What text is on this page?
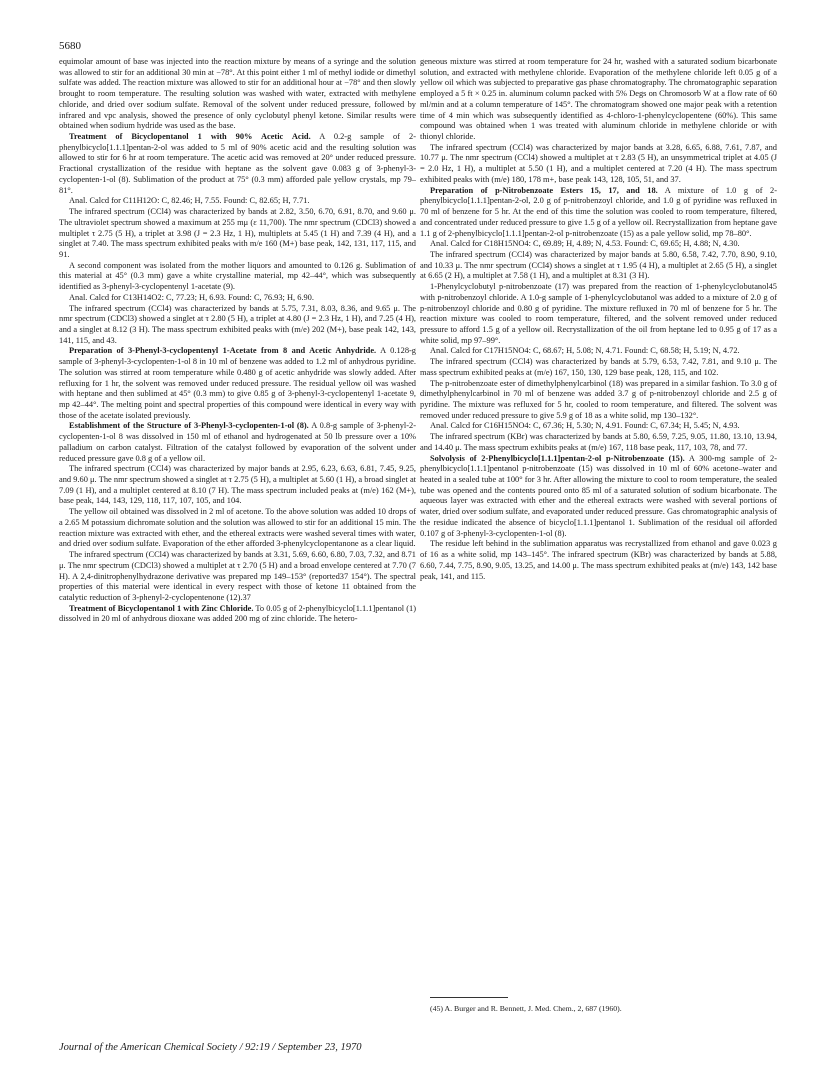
5680

equimolar amount of base was injected into the reaction mixture by means of a syringe and the solution was allowed to stir for an additional 30 min at −78°. At this point either 1 ml of methyl iodide or dimethyl sulfate was added. The reaction mixture was allowed to stir for an additional hour at −78° and then slowly brought to room temperature. The resulting solution was washed with water, extracted with methylene chloride, and dried over sodium sulfate. Removal of the solvent under reduced pressure, followed by infrared and vpc analysis, showed the presence of only cyclobutyl phenyl ketone. Similar results were obtained when sodium hydride was used as the base.

Treatment of Bicyclopentanol 1 with 90% Acetic Acid. A 0.2-g sample of 2-phenylbicyclo[1.1.1]pentan-2-ol was added to 5 ml of 90% acetic acid and the resulting solution was allowed to stir for 6 hr at room temperature. The acetic acid was removed at 20° under reduced pressure. Fractional crystallization of the residue with heptane as the solvent gave 0.083 g of 3-phenyl-3-cyclopenten-1-ol (8). Sublimation of the product at 75° (0.3 mm) afforded pale yellow crystals, mp 79–81°.

Anal. Calcd for C11H12O: C, 82.46; H, 7.55. Found: C, 82.65; H, 7.71.

The infrared spectrum (CCl4) was characterized by bands at 2.82, 3.50, 6.70, 6.91, 8.70, and 9.60 μ. The ultraviolet spectrum showed a maximum at 255 mμ (ε 11,700). The nmr spectrum (CDCl3) showed a multiplet τ 2.75 (5 H), a triplet at 3.98 (J = 2.3 Hz, 1 H), multiplets at 5.45 (1 H) and 7.39 (4 H), and a singlet at 7.40. The mass spectrum exhibited peaks with m/e 160 (M+) base peak, 142, 131, 117, 115, and 91.

A second component was isolated from the mother liquors and amounted to 0.126 g. Sublimation of this material at 45° (0.3 mm) gave a white crystalline material, mp 42–44°, which was subsequently identified as 3-phenyl-3-cyclopentenyl 1-acetate (9).

Anal. Calcd for C13H14O2: C, 77.23; H, 6.93. Found: C, 76.93; H, 6.90.

The infrared spectrum (CCl4) was characterized by bands at 5.75, 7.31, 8.03, 8.36, and 9.65 μ. The nmr spectrum (CDCl3) showed a singlet at τ 2.80 (5 H), a triplet at 4.80 (J = 2.3 Hz, 1 H), and 7.25 (4 H), and a singlet at 8.12 (3 H). The mass spectrum exhibited peaks with (m/e) 202 (M+), base peak 142, 143, 141, 115, and 43.

Preparation of 3-Phenyl-3-cyclopentenyl 1-Acetate from 8 and Acetic Anhydride. A 0.128-g sample of 3-phenyl-3-cyclopenten-1-ol 8 in 10 ml of benzene was added to 1.2 ml of anhydrous pyridine. The solution was stirred at room temperature while 0.480 g of acetic anhydride was slowly added. After refluxing for 1 hr, the solvent was removed under reduced pressure. The residual yellow oil was washed with heptane and then sublimed at 45° (0.3 mm) to give 0.85 g of 3-phenyl-3-cyclopentenyl 1-acetate 9, mp 42–44°. The melting point and spectral properties of this compound were identical in every way with those of the acetate isolated previously.

Establishment of the Structure of 3-Phenyl-3-cyclopenten-1-ol (8). A 0.8-g sample of 3-phenyl-2-cyclopenten-1-ol 8 was dissolved in 150 ml of ethanol and hydrogenated at 50 lb pressure over a 10% palladium on carbon catalyst. Filtration of the catalyst followed by evaporation of the solvent under reduced pressure gave 0.8 g of a yellow oil.

The infrared spectrum (CCl4) was characterized by major bands at 2.95, 6.23, 6.63, 6.81, 7.45, 9.25, and 9.60 μ. The nmr spectrum showed a singlet at τ 2.75 (5 H), a multiplet at 5.60 (1 H), a broad singlet at 7.09 (1 H), and a multiplet centered at 8.10 (7 H). The mass spectrum included peaks at (m/e) 162 (M+), base peak, 144, 143, 129, 118, 117, 107, 105, and 104.

The yellow oil obtained was dissolved in 2 ml of acetone. To the above solution was added 10 drops of a 2.65 M potassium dichromate solution and the solution was allowed to stir for an additional 15 min. The reaction mixture was extracted with ether, and the ethereal extracts were washed several times with water, and dried over sodium sulfate. Evaporation of the ether afforded 3-phenylcyclopentanone as a clear liquid.

The infrared spectrum (CCl4) was characterized by bands at 3.31, 5.69, 6.60, 6.80, 7.03, 7.32, and 8.71 μ. The nmr spectrum (CDCl3) showed a multiplet at τ 2.70 (5 H) and a broad envelope centered at 7.70 (7 H). A 2,4-dinitrophenylhydrazone derivative was prepared mp 149–153° (reported37 154°). The spectral properties of this material were identical in every respect with those of ketone 11 obtained from the catalytic reduction of 3-phenyl-2-cyclopentenone (12).37

Treatment of Bicyclopentanol 1 with Zinc Chloride. To 0.05 g of 2-phenylbicyclo[1.1.1]pentanol (1) dissolved in 20 ml of anhydrous dioxane was added 200 mg of zinc chloride. The hetero-

geneous mixture was stirred at room temperature for 24 hr, washed with a saturated sodium bicarbonate solution, and extracted with methylene chloride. Evaporation of the methylene chloride left 0.05 g of a yellow oil which was subjected to preparative gas phase chromatography. The chromatographic separation employed a 5 ft × 0.25 in. aluminum column packed with 5% Degs on Chromosorb W at a flow rate of 60 ml/min and at a column temperature of 145°. The chromatogram showed one major peak with a retention time of 4 min which was subsequently identified as 4-chloro-1-phenylcyclopentene (60%). This same compound was obtained when 1 was treated with aluminum chloride in methylene chloride or with thionyl chloride.

The infrared spectrum (CCl4) was characterized by major bands at 3.28, 6.65, 6.88, 7.61, 7.87, and 10.77 μ. The nmr spectrum (CCl4) showed a multiplet at τ 2.83 (5 H), an unsymmetrical triplet at 4.05 (J = 2.0 Hz, 1 H), a multiplet at 5.50 (1 H), and a multiplet centered at 7.20 (4 H). The mass spectrum exhibited peaks with (m/e) 180, 178 m+, base peak 143, 128, 105, 51, and 37.

Preparation of p-Nitrobenzoate Esters 15, 17, and 18. A mixture of 1.0 g of 2-phenylbicyclo[1.1.1]pentan-2-ol, 2.0 g of p-nitrobenzoyl chloride, and 1.0 g of pyridine was refluxed in 70 ml of benzene for 5 hr. At the end of this time the solution was cooled to room temperature, filtered, and concentrated under reduced pressure to give 1.5 g of a yellow oil. Recrystallization from heptane gave 1.1 g of 2-phenylbicyclo[1.1.1]pentan-2-ol p-nitrobenzoate (15) as a pale yellow solid, mp 78–80°.

Anal. Calcd for C18H15NO4: C, 69.89; H, 4.89; N, 4.53. Found: C, 69.65; H, 4.88; N, 4.30.

The infrared spectrum (CCl4) was characterized by major bands at 5.80, 6.58, 7.42, 7.70, 8.90, 9.10, and 10.33 μ. The nmr spectrum (CCl4) shows a singlet at τ 1.95 (4 H), a multiplet at 2.65 (5 H), a singlet at 6.65 (2 H), a multiplet at 7.58 (1 H), and a multiplet at 8.31 (3 H).

1-Phenylcyclobutyl p-nitrobenzoate (17) was prepared from the reaction of 1-phenylcyclobutanol45 with p-nitrobenzoyl chloride. A 1.0-g sample of 1-phenylcyclobutanol was added to a mixture of 2.0 g of p-nitrobenzoyl chloride and 0.80 g of pyridine. The mixture refluxed in 70 ml of benzene for 5 hr. The reaction mixture was cooled to room temperature, filtered, and the solvent removed under reduced pressure to afford 1.5 g of a yellow oil. Recrystallization of the oil from heptane led to 0.95 g of 17 as a white solid, mp 97–99°.

Anal. Calcd for C17H15NO4: C, 68.67; H, 5.08; N, 4.71. Found: C, 68.58; H, 5.19; N, 4.72.

The infrared spectrum (CCl4) was characterized by bands at 5.79, 6.53, 7.42, 7.81, and 9.10 μ. The mass spectrum exhibited peaks at (m/e) 167, 150, 130, 129 base peak, 128, 115, and 102.

The p-nitrobenzoate ester of dimethylphenylcarbinol (18) was prepared in a similar fashion. To 3.0 g of dimethylphenylcarbinol in 70 ml of benzene was added 3.7 g of p-nitrobenzoyl chloride and 2.5 g of pyridine. The mixture was refluxed for 5 hr, cooled to room temperature, and filtered. The solvent was removed under reduced pressure to give 5.9 g of 18 as a white solid, mp 130–132°.

Anal. Calcd for C16H15NO4: C, 67.36; H, 5.30; N, 4.91. Found: C, 67.34; H, 5.45; N, 4.93.

The infrared spectrum (KBr) was characterized by bands at 5.80, 6.59, 7.25, 9.05, 11.80, 13.10, 13.94, and 14.40 μ. The mass spectrum exhibits peaks at (m/e) 167, 118 base peak, 117, 103, 78, and 77.

Solvolysis of 2-Phenylbicyclo[1.1.1]pentan-2-ol p-Nitrobenzoate (15). A 300-mg sample of 2-phenylbicyclo[1.1.1]pentanol p-nitrobenzoate (15) was dissolved in 10 ml of 60% acetone–water and heated in a sealed tube at 100° for 3 hr. After allowing the mixture to cool to room temperature, the sealed tube was opened and the contents poured onto 85 ml of a saturated solution of sodium bicarbonate. The aqueous layer was extracted with ether and the ethereal extracts were washed with several portions of water, dried over sodium sulfate, and evaporated under reduced pressure. Gas chromatographic analysis of the residue indicated the absence of bicyclo[1.1.1]pentanol 1. Sublimation of the residual oil afforded 0.107 g of 3-phenyl-3-cyclopenten-1-ol (8).

The residue left behind in the sublimation apparatus was recrystallized from ethanol and gave 0.023 g of 16 as a white solid, mp 143–145°. The infrared spectrum (KBr) was characterized by bands at 5.88, 6.60, 7.44, 7.75, 8.90, 9.05, 13.25, and 14.00 μ. The mass spectrum exhibited peaks at (m/e) 143, 142 base peak, 141, and 115.

(45) A. Burger and R. Bennett, J. Med. Chem., 2, 687 (1960).
Journal of the American Chemical Society / 92:19 / September 23, 1970
